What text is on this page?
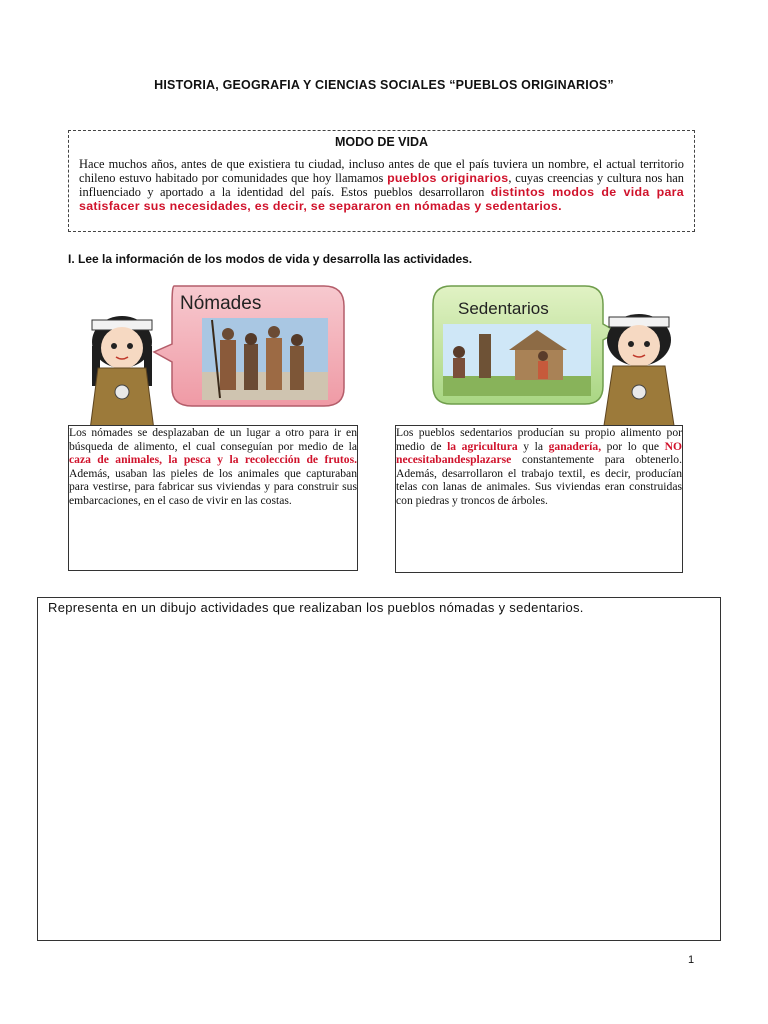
HISTORIA, GEOGRAFIA Y CIENCIAS SOCIALES “PUEBLOS ORIGINARIOS”
MODO DE VIDA

Hace muchos años, antes de que existiera tu ciudad, incluso antes de que el país tuviera un nombre, el actual territorio chileno estuvo habitado por comunidades que hoy llamamos pueblos originarios, cuyas creencias y cultura nos han influenciado y aportado a la identidad del país. Estos pueblos desarrollaron distintos modos de vida para satisfacer sus necesidades, es decir, se separaron en nómadas y sedentarios.

I. Lee la información de los modos de vida y desarrolla las actividades.
Nómades	Sedentarios

Los nómades se desplazaban de un lugar a otro para ir en búsqueda de alimento, el cual conseguían por medio de la caza de animales, la pesca y la recolección de frutos. Además, usaban las pieles de los animales que capturaban para vestirse, para fabricar sus viviendas y para construir sus embarcaciones, en el caso de vivir en las costas.

Los pueblos sedentarios producían su propio alimento por medio de la agricultura y la ganadería, por lo que NO necesitabandesplazarse constantemente para obtenerlo. Además, desarrollaron el trabajo textil, es decir, producían telas con lanas de animales. Sus viviendas eran construidas con piedras y troncos de árboles.

Representa en un dibujo actividades que realizaban los pueblos nómadas y sedentarios.
1
